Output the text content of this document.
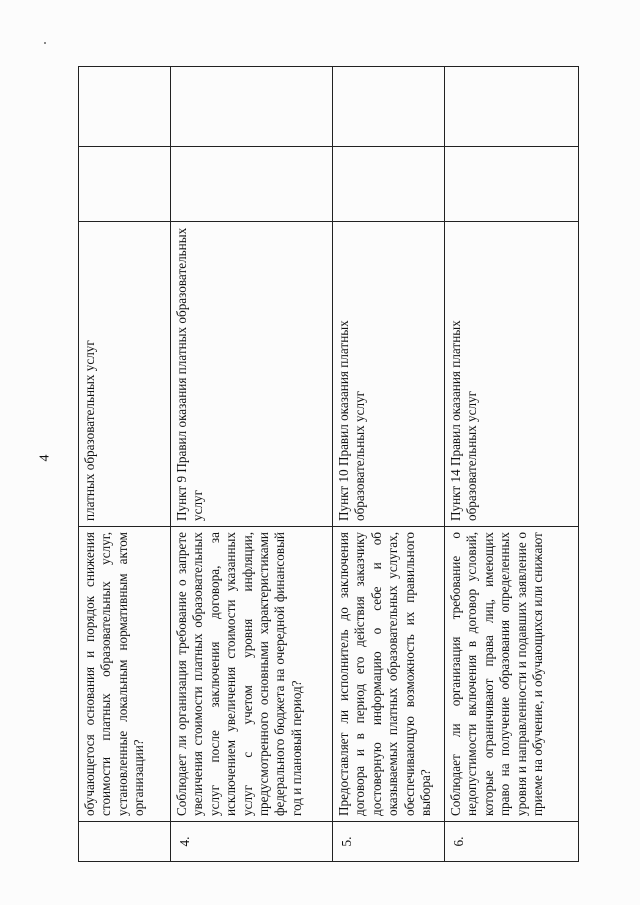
4
	обучающегося основания и порядок снижения стоимости платных образовательных услуг, установленные локальным нормативным актом организации?	платных образовательных услуг		
4.	Соблюдает ли организация требование о запрете увеличения стоимости платных образовательных услуг после заключения договора, за исключением увеличения стоимости указанных услуг с учетом уровня инфляции, предусмотренного основными характеристиками федерального бюджета на очередной финансовый год и плановый период?	Пункт 9 Правил оказания платных образовательных услуг		
5.	Предоставляет ли исполнитель до заключения договора и в период его действия заказчику достоверную информацию о себе и об оказываемых платных образовательных услугах, обеспечивающую возможность их правильного выбора?	Пункт 10 Правил оказания платных образовательных услуг		
6.	Соблюдает ли организация требование о недопустимости включения в договор условий, которые ограничивают права лиц, имеющих право на получение образования определенных уровня и направленности и подавших заявление о приеме на обучение, и обучающихся или снижают	Пункт 14 Правил оказания платных образовательных услуг		
